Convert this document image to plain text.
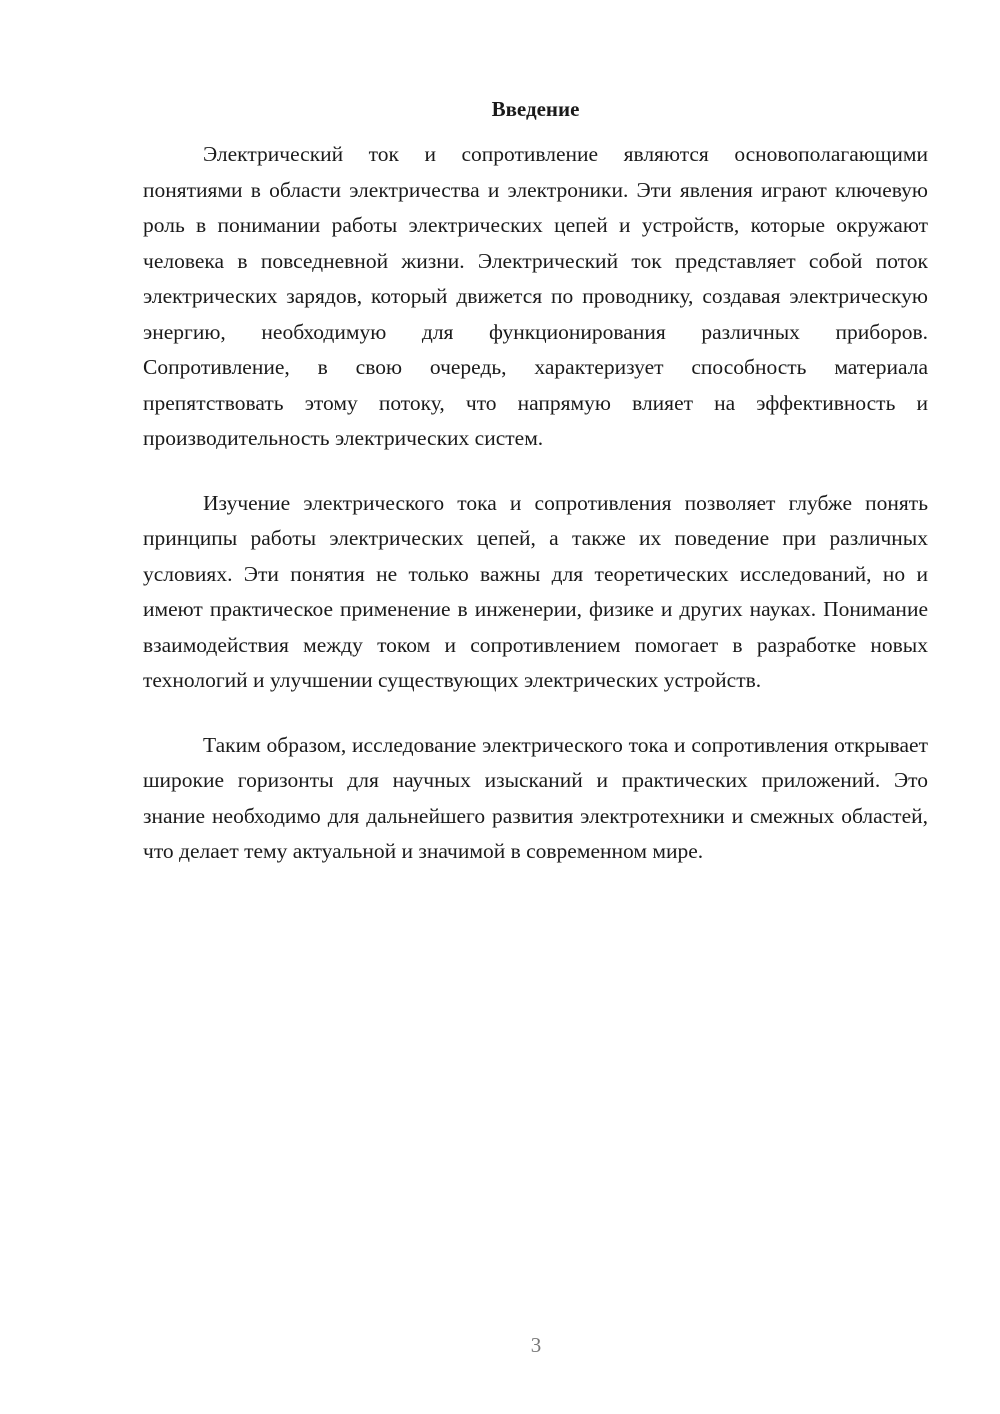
Введение

Электрический ток и сопротивление являются основополагающими понятиями в области электричества и электроники. Эти явления играют ключевую роль в понимании работы электрических цепей и устройств, которые окружают человека в повседневной жизни. Электрический ток представляет собой поток электрических зарядов, который движется по проводнику, создавая электрическую энергию, необходимую для функционирования различных приборов. Сопротивление, в свою очередь, характеризует способность материала препятствовать этому потоку, что напрямую влияет на эффективность и производительность электрических систем.

Изучение электрического тока и сопротивления позволяет глубже понять принципы работы электрических цепей, а также их поведение при различных условиях. Эти понятия не только важны для теоретических исследований, но и имеют практическое применение в инженерии, физике и других науках. Понимание взаимодействия между током и сопротивлением помогает в разработке новых технологий и улучшении существующих электрических устройств.

Таким образом, исследование электрического тока и сопротивления открывает широкие горизонты для научных изысканий и практических приложений. Это знание необходимо для дальнейшего развития электротехники и смежных областей, что делает тему актуальной и значимой в современном мире.

3
